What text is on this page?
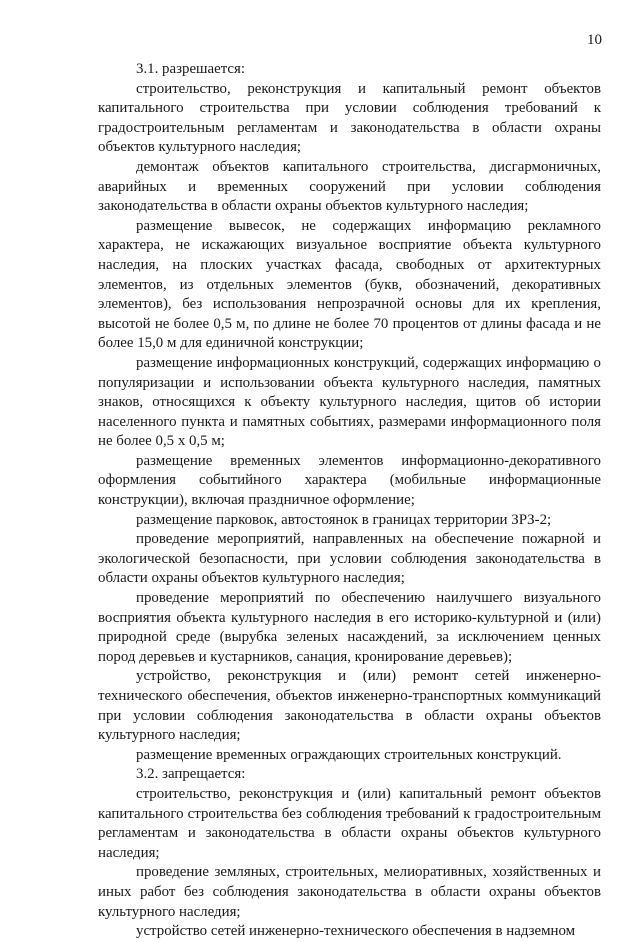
10

3.1. разрешается:

строительство, реконструкция и капитальный ремонт объектов капитального строительства при условии соблюдения требований к градостроительным регламентам и законодательства в области охраны объектов культурного наследия;

демонтаж объектов капитального строительства, дисгармоничных, аварийных и временных сооружений при условии соблюдения законодательства в области охраны объектов культурного наследия;

размещение вывесок, не содержащих информацию рекламного характера, не искажающих визуальное восприятие объекта культурного наследия, на плоских участках фасада, свободных от архитектурных элементов, из отдельных элементов (букв, обозначений, декоративных элементов), без использования непрозрачной основы для их крепления, высотой не более 0,5 м, по длине не более 70 процентов от длины фасада и не более 15,0 м для единичной конструкции;

размещение информационных конструкций, содержащих информацию о популяризации и использовании объекта культурного наследия, памятных знаков, относящихся к объекту культурного наследия, щитов об истории населенного пункта и памятных событиях, размерами информационного поля не более 0,5 х 0,5 м;

размещение временных элементов информационно-декоративного оформления событийного характера (мобильные информационные конструкции), включая праздничное оформление;

размещение парковок, автостоянок в границах территории ЗРЗ-2;

проведение мероприятий, направленных на обеспечение пожарной и экологической безопасности, при условии соблюдения законодательства в области охраны объектов культурного наследия;

проведение мероприятий по обеспечению наилучшего визуального восприятия объекта культурного наследия в его историко-культурной и (или) природной среде (вырубка зеленых насаждений, за исключением ценных пород деревьев и кустарников, санация, кронирование деревьев);

устройство, реконструкция и (или) ремонт сетей инженерно-технического обеспечения, объектов инженерно-транспортных коммуникаций при условии соблюдения законодательства в области охраны объектов культурного наследия;

размещение временных ограждающих строительных конструкций.

3.2. запрещается:

строительство, реконструкция и (или) капитальный ремонт объектов капитального строительства без соблюдения требований к градостроительным регламентам и законодательства в области охраны объектов культурного наследия;

проведение земляных, строительных, мелиоративных, хозяйственных и иных работ без соблюдения законодательства в области охраны объектов культурного наследия;

устройство сетей инженерно-технического обеспечения в надземном
